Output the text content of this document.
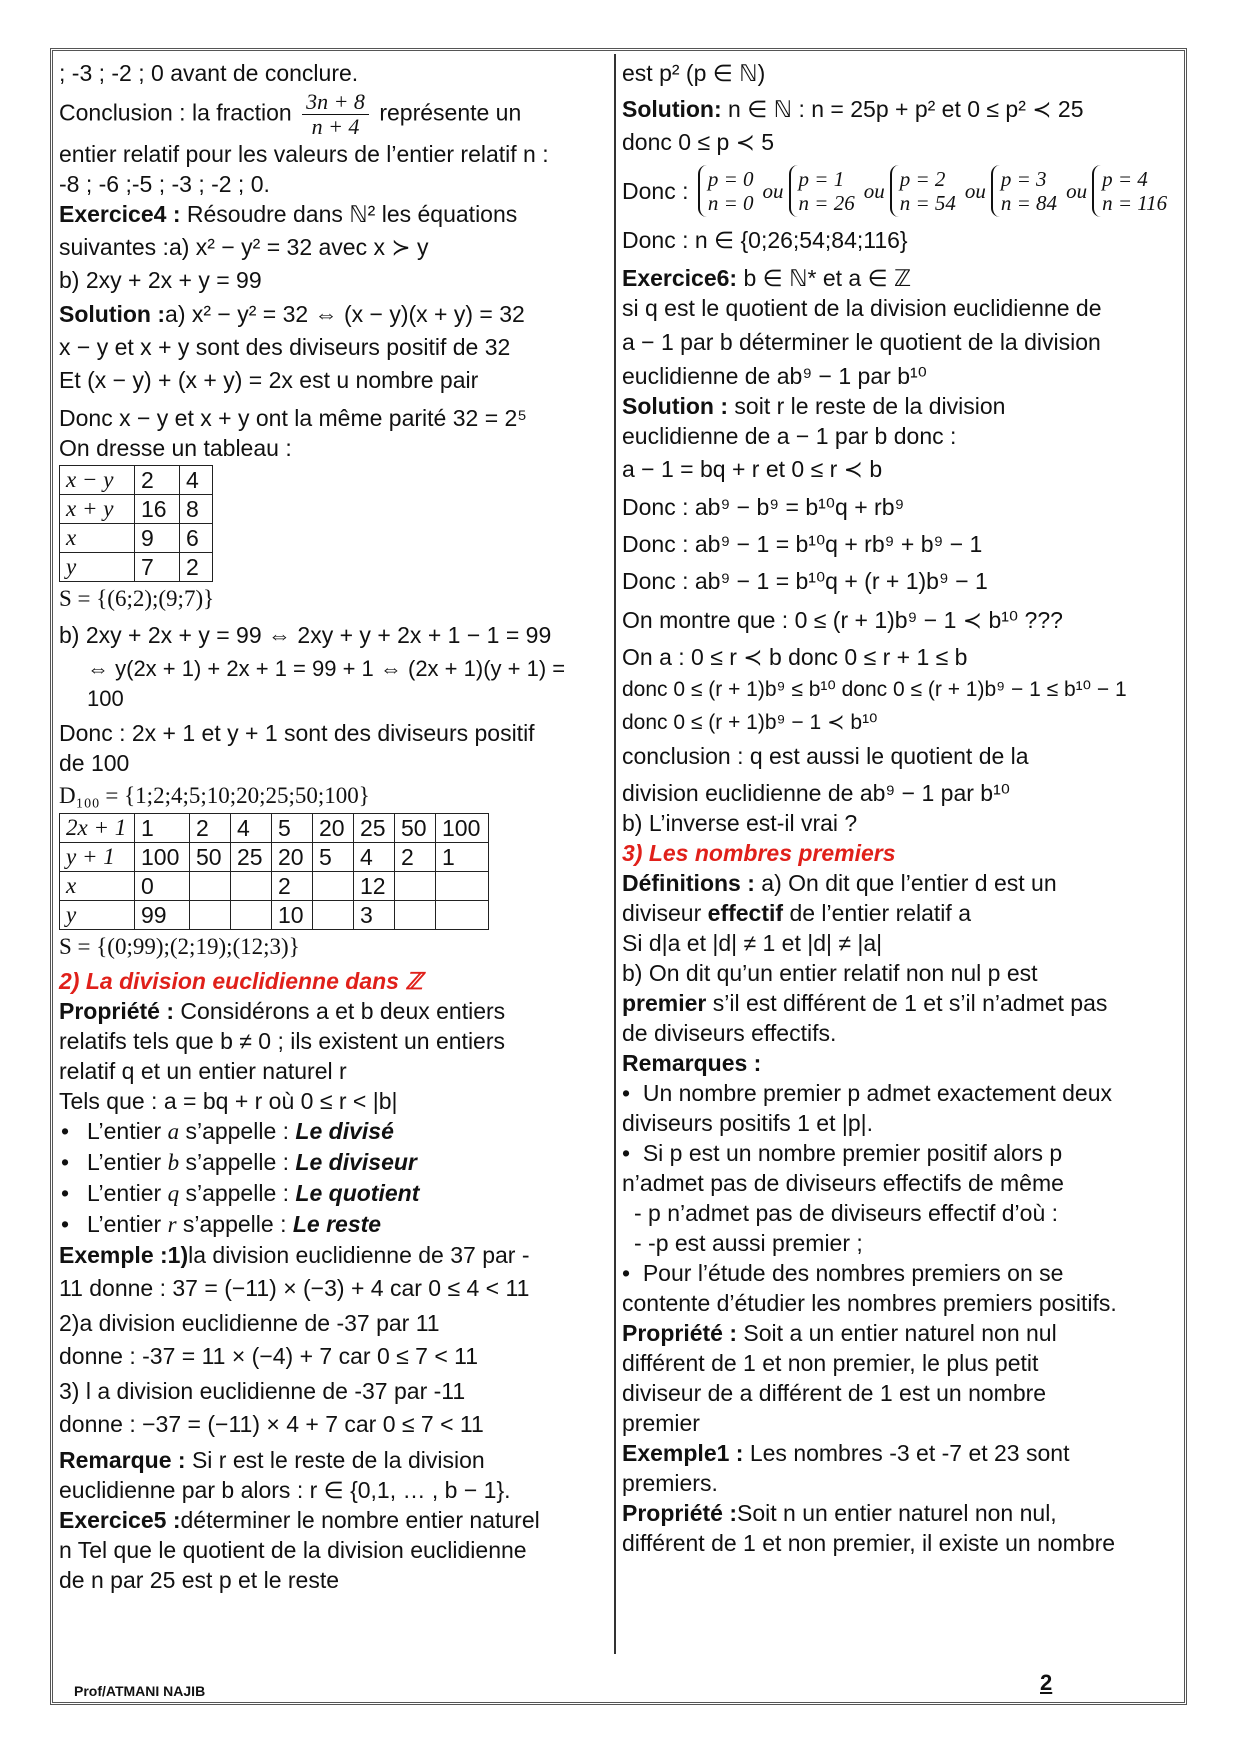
; -3 ; -2 ; 0 avant de conclure.

Conclusion : la fraction $\frac{3n + 8}{n + 4}$ représente un

entier relatif pour les valeurs de l’entier relatif n :

-8 ; -6 ;-5 ; -3 ; -2 ; 0.

Exercice4 : Résoudre dans ℕ² les équations

suivantes :a) x² − y² = 32 avec x ≻ y

b) 2xy + 2x + y = 99

Solution :a) x² − y² = 32 ⇔ (x − y)(x + y) = 32

x − y et x + y sont des diviseurs positif de 32

Et (x − y) + (x + y) = 2x est u nombre pair

Donc x − y et x + y ont la même parité 32 = 2⁵

On dresse un tableau :

x − y	2	4
x + y	16	8
x	9	6
y	7	2

S = {(6;2);(9;7)}

b) 2xy + 2x + y = 99 ⇔ 2xy + y + 2x + 1 − 1 = 99

⇔ y(2x + 1) + 2x + 1 = 99 + 1 ⇔ (2x + 1)(y + 1) = 100

Donc : 2x + 1 et y + 1 sont des diviseurs positif

de 100

D₁₀₀ = {1;2;4;5;10;20;25;50;100}

2x + 1	1	2	4	5	20	25	50	100
y + 1	100	50	25	20	5	4	2	1
x	0			2		12		
y	99			10		3		

S = {(0;99);(2;19);(12;3)}

2) La division euclidienne dans ℤ

Propriété : Considérons a et b deux entiers

relatifs tels que b ≠ 0 ; ils existent un entiers

relatif q et un entier naturel r

Tels que : a = bq + r où 0 ≤ r < |b|

• L’entier a s’appelle : Le divisé
• L’entier b s’appelle : Le diviseur
• L’entier q s’appelle : Le quotient
• L’entier r s’appelle : Le reste

Exemple :1)la division euclidienne de 37 par -

11 donne : 37 = (−11) × (−3) + 4 car 0 ≤ 4 < 11

2)a division euclidienne de -37 par 11

donne : -37 = 11 × (−4) + 7 car 0 ≤ 7 < 11

3) l a division euclidienne de -37 par -11

donne : −37 = (−11) × 4 + 7 car 0 ≤ 7 < 11

Remarque : Si r est le reste de la division

euclidienne par b alors : r ∈ {0,1, … , b − 1}.

Exercice5 :déterminer le nombre entier naturel

n Tel que le quotient de la division euclidienne

de n par 25 est p et le reste

est p² (p ∈ ℕ)

Solution: n ∈ ℕ : n = 25p + p² et 0 ≤ p² ≺ 25

donc 0 ≤ p ≺ 5

Donc : p = 0
n = 0 ou p = 1
n = 26 ou p = 2
n = 54 ou p = 3
n = 84 ou p = 4
n = 116

Donc : n ∈ {0;26;54;84;116}

Exercice6: b ∈ ℕ* et a ∈ ℤ

si q est le quotient de la division euclidienne de

a − 1 par b déterminer le quotient de la division

euclidienne de ab⁹ − 1 par b¹⁰

Solution : soit r le reste de la division

euclidienne de a − 1 par b donc :

a − 1 = bq + r et 0 ≤ r ≺ b

Donc : ab⁹ − b⁹ = b¹⁰q + rb⁹

Donc : ab⁹ − 1 = b¹⁰q + rb⁹ + b⁹ − 1

Donc : ab⁹ − 1 = b¹⁰q + (r + 1)b⁹ − 1

On montre que : 0 ≤ (r + 1)b⁹ − 1 ≺ b¹⁰ ???

On a : 0 ≤ r ≺ b donc 0 ≤ r + 1 ≤ b

donc 0 ≤ (r + 1)b⁹ ≤ b¹⁰ donc 0 ≤ (r + 1)b⁹ − 1 ≤ b¹⁰ − 1

donc 0 ≤ (r + 1)b⁹ − 1 ≺ b¹⁰

conclusion : q est aussi le quotient de la

division euclidienne de ab⁹ − 1 par b¹⁰

b) L’inverse est-il vrai ?

3) Les nombres premiers

Définitions : a) On dit que l’entier d est un

diviseur effectif de l’entier relatif a

Si d|a et |d| ≠ 1 et |d| ≠ |a|

b) On dit qu’un entier relatif non nul p est

premier s’il est différent de 1 et s’il n’admet pas

de diviseurs effectifs.

Remarques :

•  Un nombre premier p admet exactement deux

diviseurs positifs 1 et |p|.

•  Si p est un nombre premier positif alors p

n’admet pas de diviseurs effectifs de même

- p n’admet pas de diviseurs effectif d’où :

- -p est aussi premier ;

•  Pour l’étude des nombres premiers on se

contente d’étudier les nombres premiers positifs.

Propriété : Soit a un entier naturel non nul

différent de 1 et non premier, le plus petit

diviseur de a différent de 1 est un nombre

premier

Exemple1 : Les nombres -3 et -7 et 23 sont

premiers.

Propriété :Soit n un entier naturel non nul,

différent de 1 et non premier, il existe un nombre

Prof/ATMANI NAJIB	2
